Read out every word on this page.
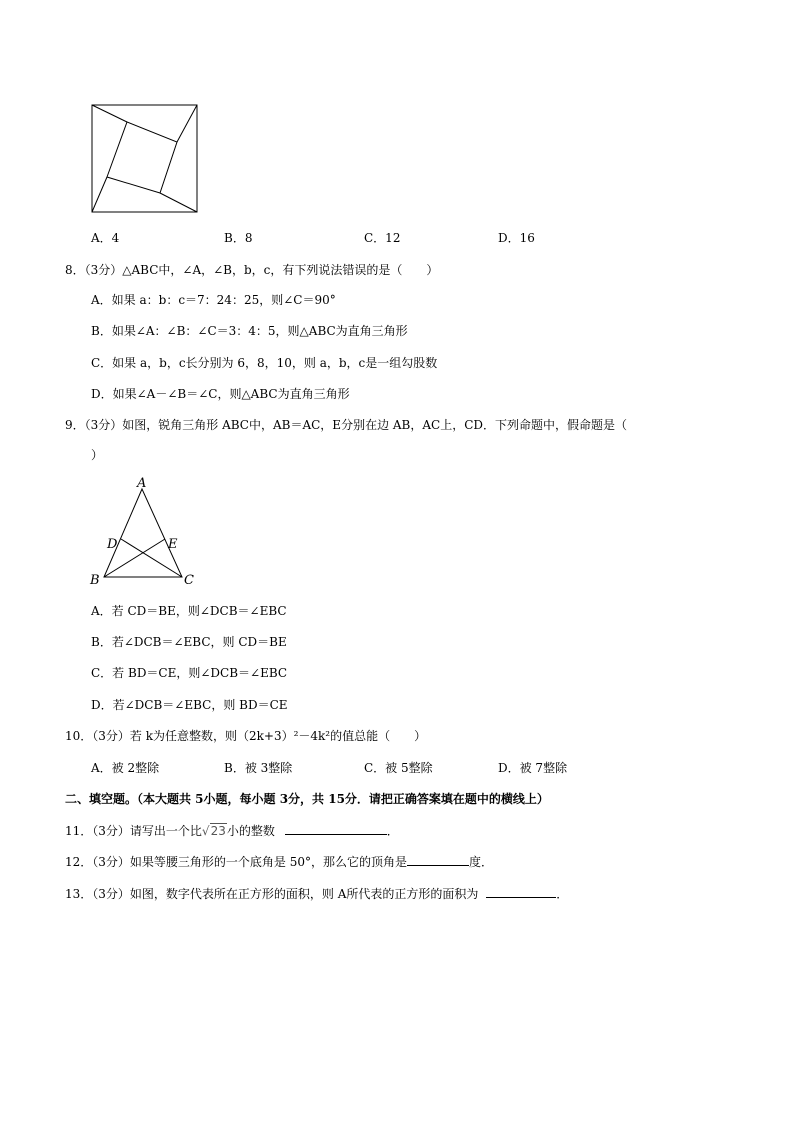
A．4	B．8	C．12	D．16
8．（3分）△ABC中，∠A，∠B，b，c，有下列说法错误的是（　　）
A．如果 a：b：c＝7：24：25，则∠C＝90°
B．如果∠A：∠B：∠C＝3：4：5，则△ABC为直角三角形
C．如果 a，b，c长分别为 6，8，10，则 a，b，c是一组勾股数
D．如果∠A－∠B＝∠C，则△ABC为直角三角形
9．（3分）如图，锐角三角形 ABC中，AB＝AC，E分别在边 AB，AC上，CD．下列命题中，假命题是（
）
A
B	C
D	E
A．若 CD＝BE，则∠DCB＝∠EBC
B．若∠DCB＝∠EBC，则 CD＝BE
C．若 BD＝CE，则∠DCB＝∠EBC
D．若∠DCB＝∠EBC，则 BD＝CE
10．（3分）若 k为任意整数，则（2k+3）²－4k²的值总能（　　）
A．被 2整除	B．被 3整除	C．被 5整除	D．被 7整除
二、填空题。（本大题共 5小题，每小题 3分，共 15分．请把正确答案填在题中的横线上）
11．（3分）请写出一个比√23小的整数	．
12．（3分）如果等腰三角形的一个底角是 50°，那么它的顶角是	度．
13．（3分）如图，数字代表所在正方形的面积，则 A所代表的正方形的面积为	．
